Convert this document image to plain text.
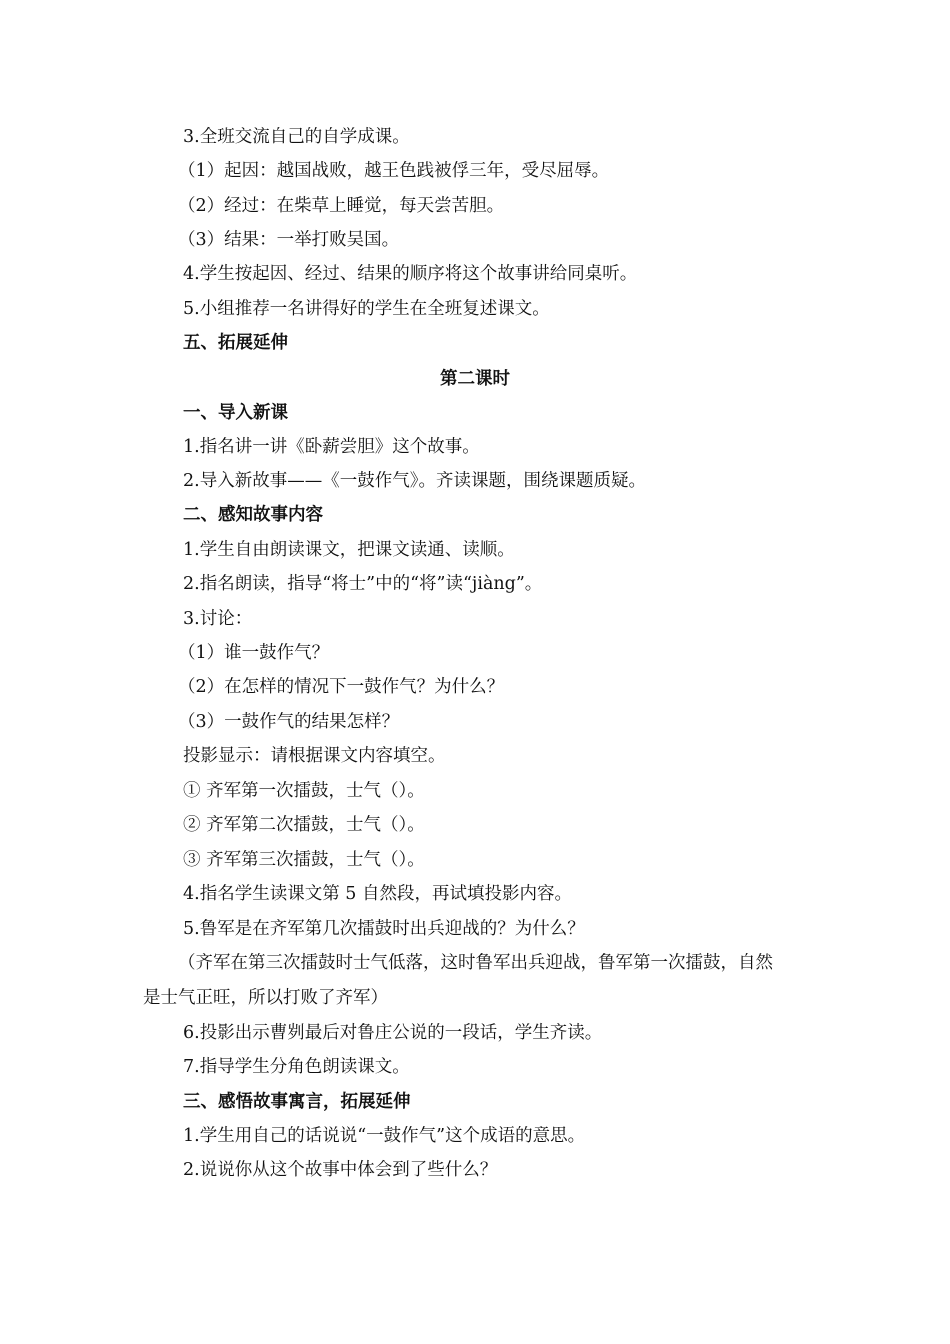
3.全班交流自己的自学成课。
（1）起因：越国战败，越王色践被俘三年，受尽屈辱。
（2）经过：在柴草上睡觉，每天尝苦胆。
（3）结果：一举打败吴国。
4.学生按起因、经过、结果的顺序将这个故事讲给同桌听。
5.小组推荐一名讲得好的学生在全班复述课文。
五、拓展延伸
第二课时
一、导入新课
1.指名讲一讲《卧薪尝胆》这个故事。
2.导入新故事——《一鼓作气》。齐读课题，围绕课题质疑。
二、感知故事内容
1.学生自由朗读课文，把课文读通、读顺。
2.指名朗读，指导“将士”中的“将”读“jiàng”。
3.讨论：
（1）谁一鼓作气？
（2）在怎样的情况下一鼓作气？为什么？
（3）一鼓作气的结果怎样？
投影显示：请根据课文内容填空。
① 齐军第一次擂鼓，士气（）。
② 齐军第二次擂鼓，士气（）。
③ 齐军第三次擂鼓，士气（）。
4.指名学生读课文第 5 自然段，再试填投影内容。
5.鲁军是在齐军第几次擂鼓时出兵迎战的？为什么？
（齐军在第三次擂鼓时士气低落，这时鲁军出兵迎战，鲁军第一次擂鼓，自然
是士气正旺，所以打败了齐军）
6.投影出示曹刿最后对鲁庄公说的一段话，学生齐读。
7.指导学生分角色朗读课文。
三、感悟故事寓言，拓展延伸
1.学生用自己的话说说“一鼓作气”这个成语的意思。
2.说说你从这个故事中体会到了些什么？
